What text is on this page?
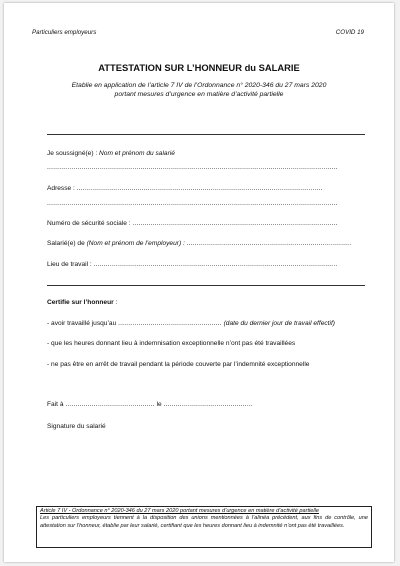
Particuliers employeurs	COVID 19
ATTESTATION SUR L’HONNEUR du SALARIE
Etablie en application de l’article 7 IV de l’Ordonnance n° 2020-346 du 27 mars 2020
portant mesures d’urgence en matière d’activité partielle
Je soussigné(e) : Nom et prénom du salarié
...............................................................................................................................................
Adresse : .........................................................................................................................
...............................................................................................................................................
Numéro de sécurité sociale : .....................................................................................................
Salarié(e) de (Nom et prénom de l’employeur) : .................................................................................
Lieu de travail : ........................................................................................................................
Certifie sur l’honneur :
- avoir travaillé jusqu’au ................................................... (date du dernier jour de travail effectif)
- que les heures donnant lieu à indemnisation exceptionnelle n’ont pas été travaillées
- ne pas être en arrêt de travail pendant la période couverte par l’indemnité exceptionnelle
Fait à ............................................ le ............................................
Signature du salarié

Article 7 IV - Ordonnance n° 2020-346 du 27 mars 2020 portant mesures d’urgence en matière d’activité partielle

Les particuliers employeurs tiennent à la disposition des unions mentionnées à l’alinéa précédent, aux fins de contrôle, une attestation sur l’honneur, établie par leur salarié, certifiant que les heures donnant lieu à indemnité n’ont pas été travaillées.
